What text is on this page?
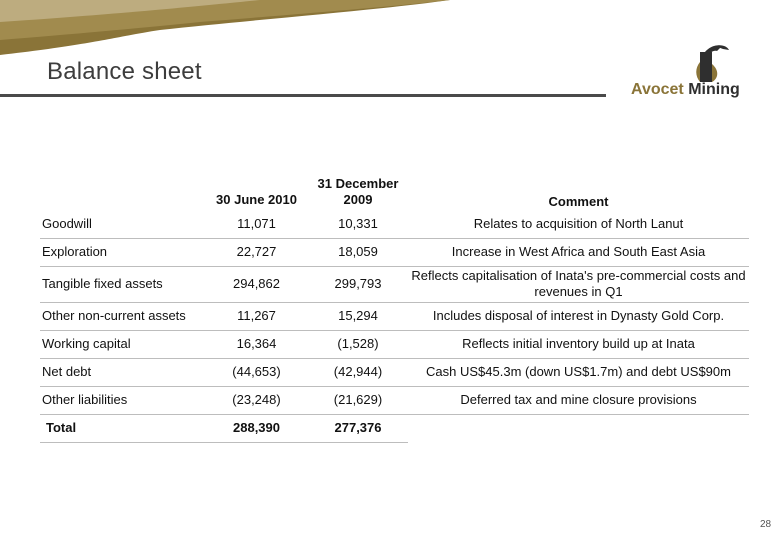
Balance sheet
Avocet Mining
	30 June 2010	31 December 2009	Comment
Goodwill	11,071	10,331	Relates to acquisition of North Lanut
Exploration	22,727	18,059	Increase in West Africa and South East Asia
Tangible fixed assets	294,862	299,793	Reflects capitalisation of Inata's pre-commercial costs and revenues in Q1
Other non-current assets	11,267	15,294	Includes disposal of interest in Dynasty Gold Corp.
Working capital	16,364	(1,528)	Reflects initial inventory build up at Inata
Net debt	(44,653)	(42,944)	Cash US$45.3m (down US$1.7m) and debt US$90m
Other liabilities	(23,248)	(21,629)	Deferred tax and mine closure provisions
Total	288,390	277,376	
28
